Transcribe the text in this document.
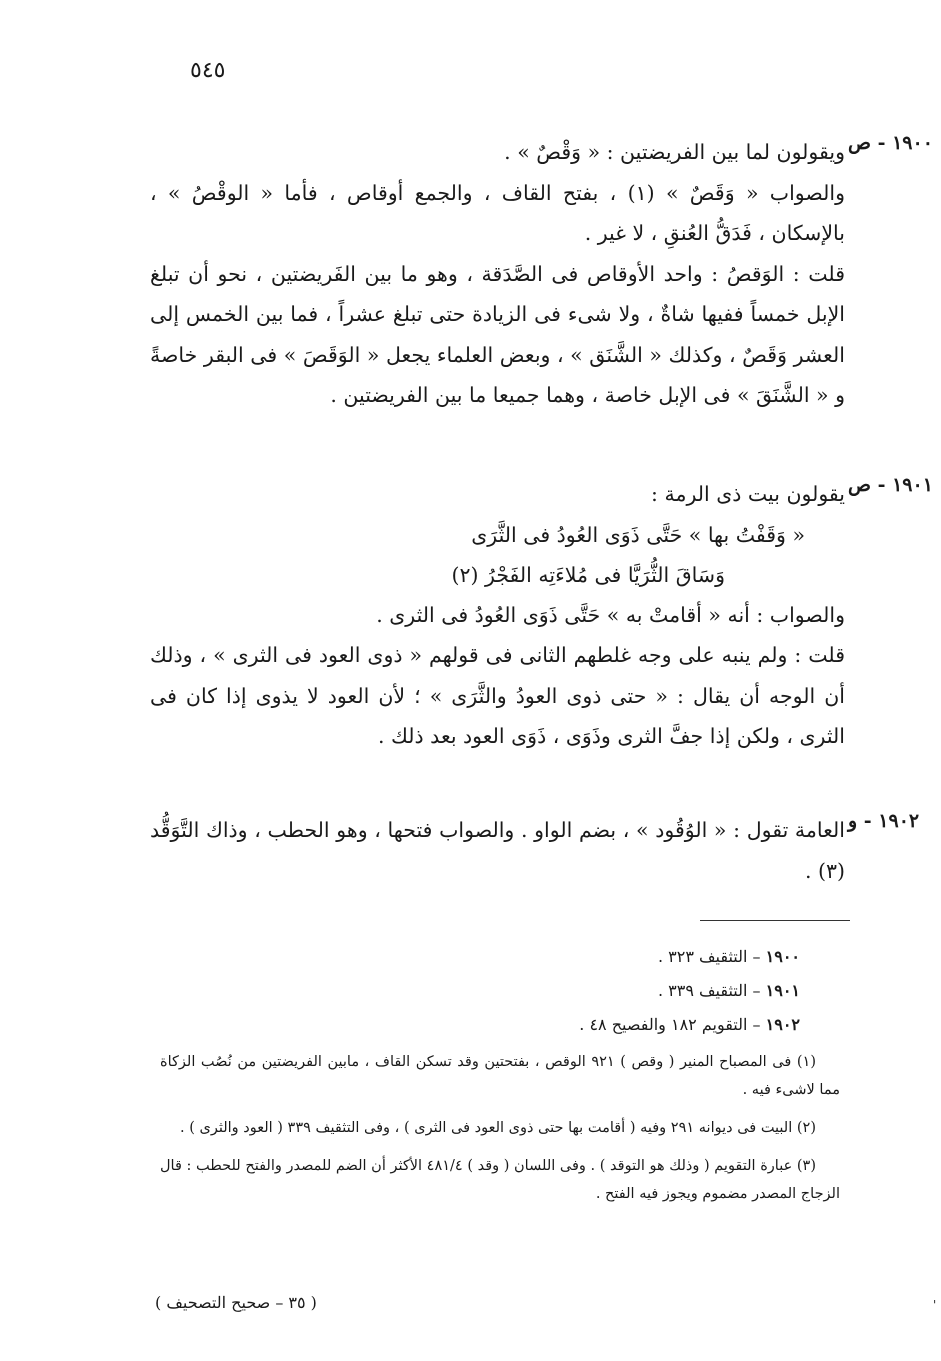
٥٤٥
١٩٠٠ - ص

ويقولون لما بين الفريضتين : « وَقْصٌ » .

والصواب « وَقَصٌ » (١) ، بفتح القاف ، والجمع أوقاص ، فأما « الوقْصُ » ، بالإسكان ، فَدَقُّ العُنقِ ، لا غير .

قلت : الوَقصُ : واحد الأوقاص فى الصَّدَقة ، وهو ما بين الفَريضتين ، نحو أن تبلغ الإبل خمساً ففيها شاةٌ ، ولا شىء فى الزيادة حتى تبلغ عشراً ، فما بين الخمس إلى العشر وَقَصٌ ، وكذلك « الشَّنَق » ، وبعض العلماء يجعل « الوَقَصَ » فى البقر خاصةً و « الشَّنَقَ » فى الإبل خاصة ، وهما جميعا ما بين الفريضتين .

١٩٠١ - ص

يقولون بيت ذى الرمة :

« وَقَفْتُ بها » حَتَّى ذَوَى العُودُ فى الثَّرَى
وَسَاقَ الثُّرَيَّا فى مُلاءَتِه الفَجْرُ (٢)

والصواب : أنه « أقامتْ به » حَتَّى ذَوَى العُودُ فى الثرى .

قلت : ولم ينبه على وجه غلطهم الثانى فى قولهم « ذوى العود فى الثرى » ، وذلك أن الوجه أن يقال : « حتى ذوى العودُ والثَّرَى » ؛ لأن العود لا يذوى إذا كان فى الثرى ، ولكن إذا جفَّ الثرى وذَوَى ، ذَوَى العود بعد ذلك .

١٩٠٢ - و

العامة تقول : « الوُقُود » ، بضم الواو . والصواب فتحها ، وهو الحطب ، وذاك التَّوَقُّد (٣) .

١٩٠٠ – التثقيف ٣٢٣ .
١٩٠١ – التثقيف ٣٣٩ .
١٩٠٢ – التقويم ١٨٢ والفصيح ٤٨ .

(١) فى المصباح المنير ( وقص ) ٩٢١ الوقص ، بفتحتين وقد تسكن القاف ، مابين الفريضتين من نُصُب الزكاة مما لاشىء فيه .

(٢) البيت فى ديوانه ٢٩١ وفيه ( أقامت بها حتى ذوى العود فى الثرى ) ، وفى التثقيف ٣٣٩ ( العود والثرى ) .

(٣) عبارة التقويم ( وذلك هو التوقد ) . وفى اللسان ( وقد ) ٤٨١/٤ الأكثر أن الضم للمصدر والفتح للحطب : قال الزجاج المصدر مضموم ويجوز فيه الفتح .

( ٣٥ – صحيح التصحيف )	'
